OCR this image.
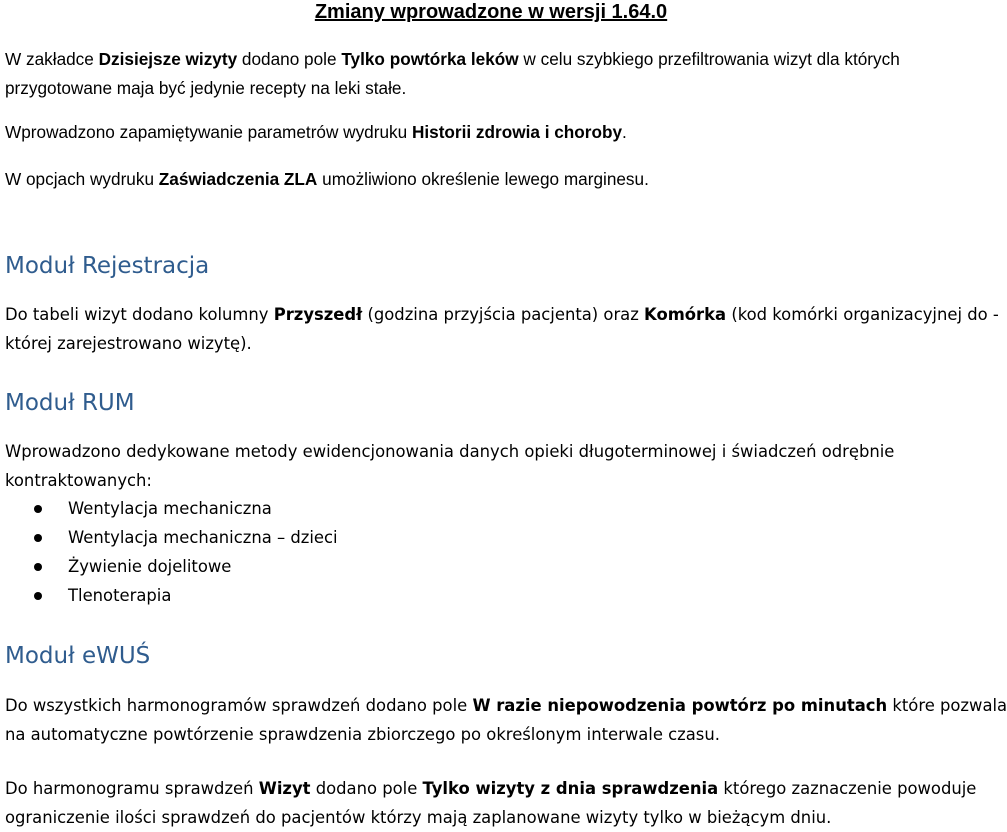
Zmiany wprowadzone w wersji 1.64.0
W zakładce Dzisiejsze wizyty dodano pole Tylko powtórka leków w celu szybkiego przefiltrowania wizyt dla których
przygotowane maja być jedynie recepty na leki stałe.
Wprowadzono zapamiętywanie parametrów wydruku Historii zdrowia i choroby.
W opcjach wydruku Zaświadczenia ZLA umożliwiono określenie lewego marginesu.
Moduł Rejestracja
Do tabeli wizyt dodano kolumny Przyszedł (godzina przyjścia pacjenta) oraz Komórka (kod komórki organizacyjnej do -
której zarejestrowano wizytę).
Moduł RUM
Wprowadzono dedykowane metody ewidencjonowania danych opieki długoterminowej i świadczeń odrębnie
kontraktowanych:
Wentylacja mechaniczna
Wentylacja mechaniczna – dzieci
Żywienie dojelitowe
Tlenoterapia
Moduł eWUŚ
Do wszystkich harmonogramów sprawdzeń dodano pole W razie niepowodzenia powtórz po minutach które pozwala
na automatyczne powtórzenie sprawdzenia zbiorczego po określonym interwale czasu.
Do harmonogramu sprawdzeń Wizyt dodano pole Tylko wizyty z dnia sprawdzenia którego zaznaczenie powoduje
ograniczenie ilości sprawdzeń do pacjentów którzy mają zaplanowane wizyty tylko w bieżącym dniu.
